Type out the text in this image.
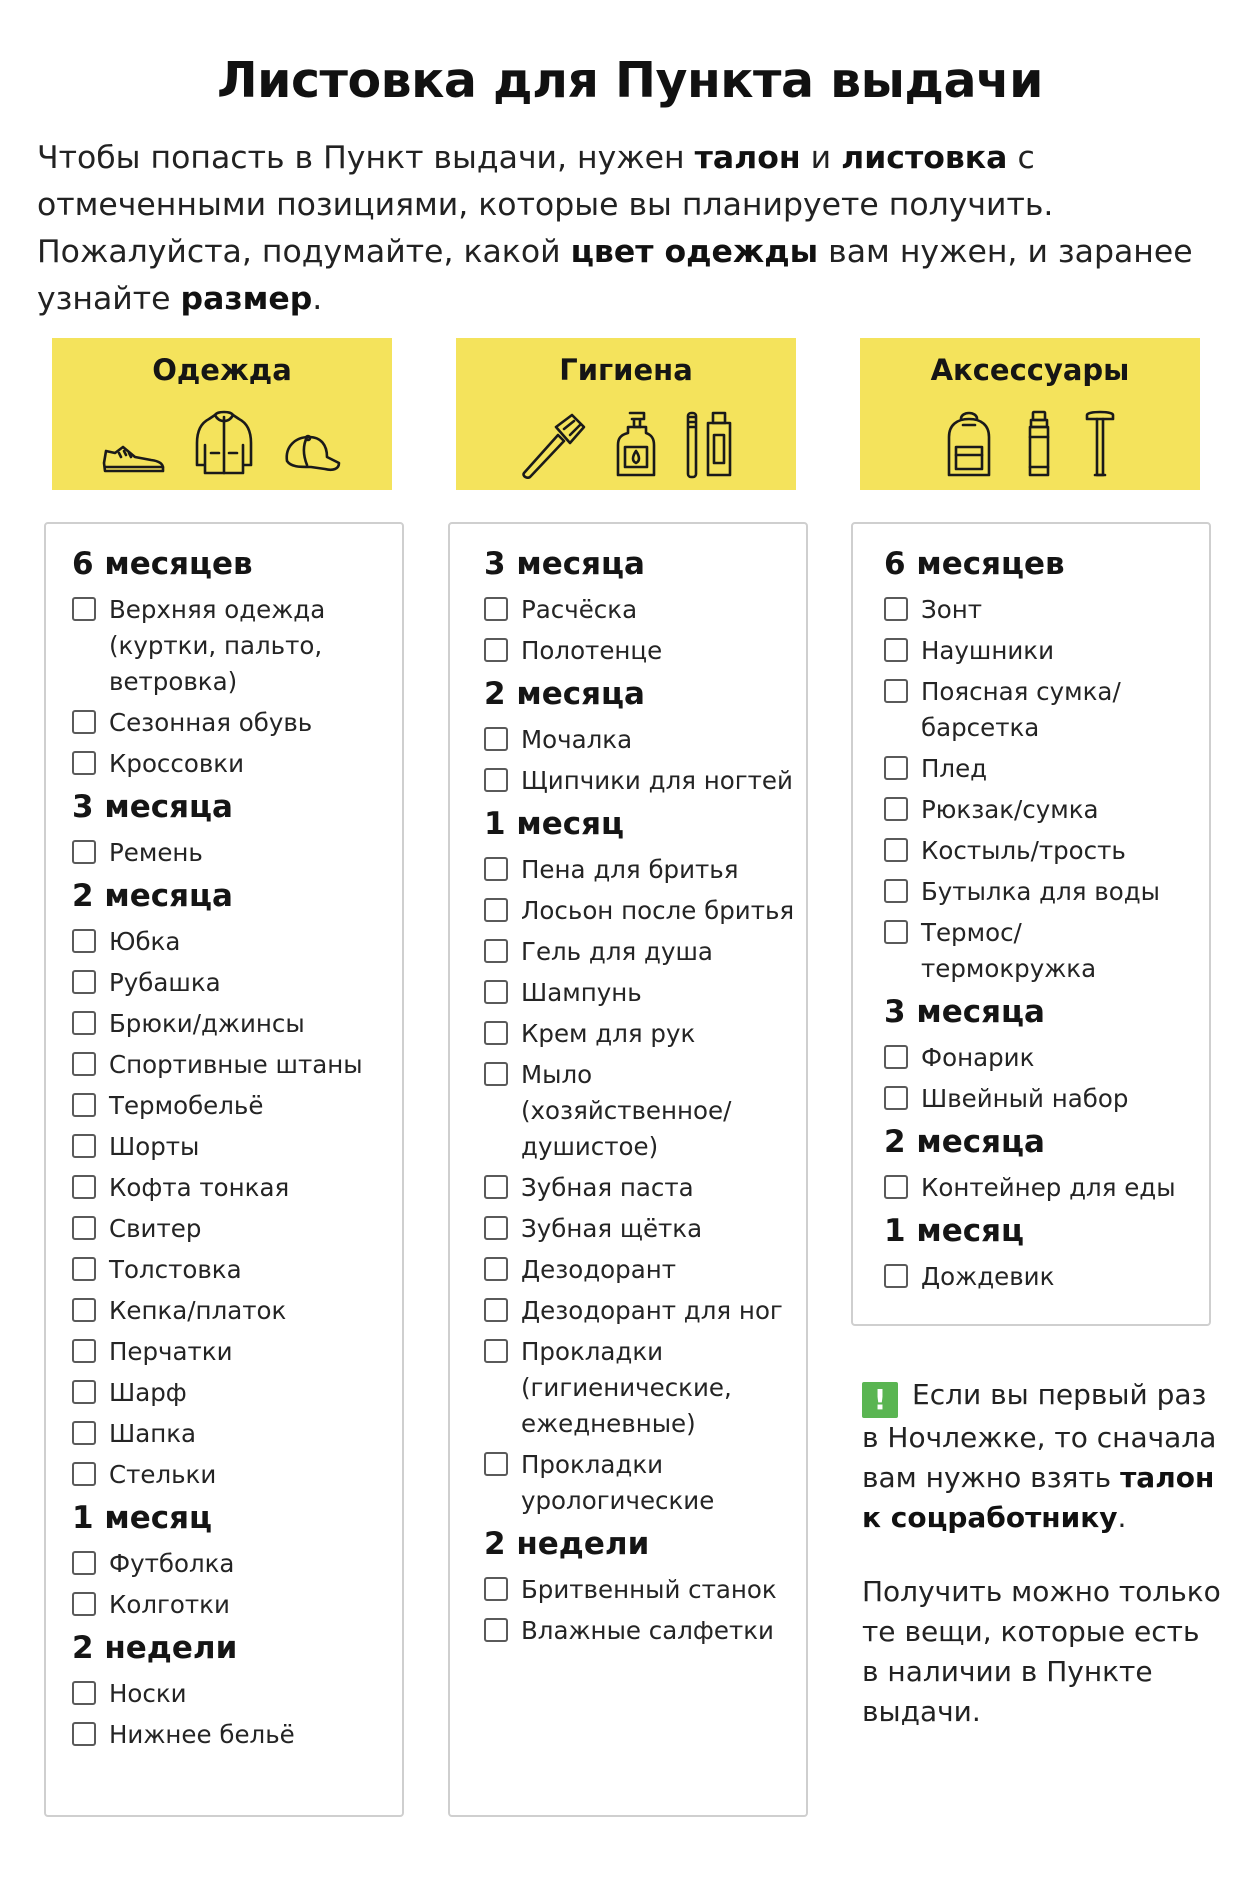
Листовка для Пункта выдачи

Чтобы попасть в Пункт выдачи, нужен талон и листовка с отмеченными позициями, которые вы планируете получить. Пожалуйста, подумайте, какой цвет одежды вам нужен, и заранее узнайте размер.

Одежда	Гигиена	Аксессуары
6 месяцев
Верхняя одежда
(куртки, пальто,
ветровка)
Сезонная обувь
Кроссовки
3 месяца
Ремень
2 месяца
Юбка
Рубашка
Брюки/джинсы
Спортивные штаны
Термобельё
Шорты
Кофта тонкая
Свитер
Толстовка
Кепка/платок
Перчатки
Шарф
Шапка
Стельки
1 месяц
Футболка
Колготки
2 недели
Носки
Нижнее бельё
3 месяца
Расчёска
Полотенце
2 месяца
Мочалка
Щипчики для ногтей
1 месяц
Пена для бритья
Лосьон после бритья
Гель для душа
Шампунь
Крем для рук
Мыло
(хозяйственное/
душистое)
Зубная паста
Зубная щётка
Дезодорант
Дезодорант для ног
Прокладки
(гигиенические,
ежедневные)
Прокладки
урологические
2 недели
Бритвенный станок
Влажные салфетки
6 месяцев
Зонт
Наушники
Поясная сумка/
барсетка
Плед
Рюкзак/сумка
Костыль/трость
Бутылка для воды
Термос/
термокружка
3 месяца
Фонарик
Швейный набор
2 месяца
Контейнер для еды
1 месяц
Дождевик
! Если вы первый раз в Ночлежке, то сначала вам нужно взять талон к соцработнику.
Получить можно только те вещи, которые есть в наличии в Пункте выдачи.
